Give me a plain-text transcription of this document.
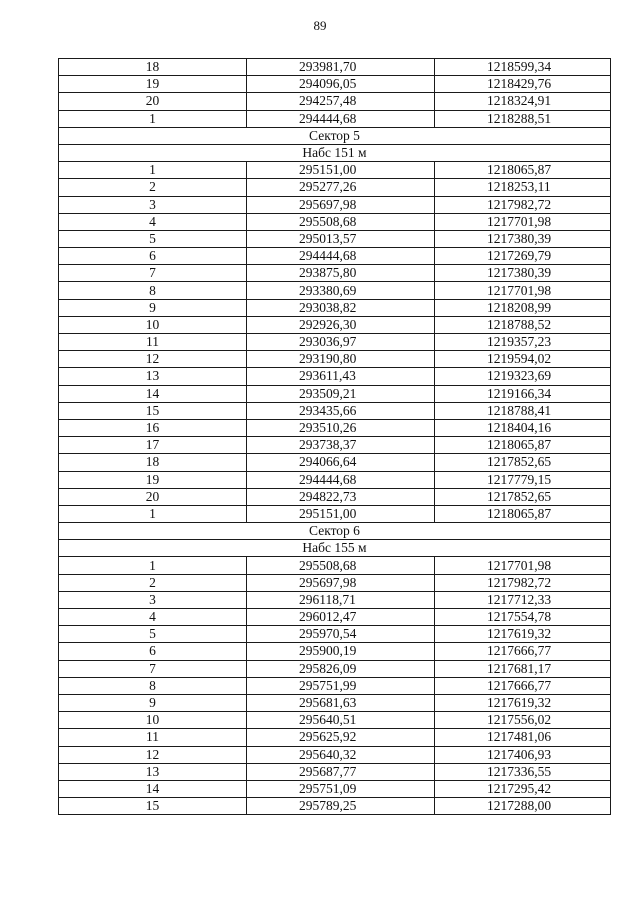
89
18	293981,70	1218599,34
19	294096,05	1218429,76
20	294257,48	1218324,91
1	294444,68	1218288,51
Сектор 5		
Набс 151 м		
1	295151,00	1218065,87
2	295277,26	1218253,11
3	295697,98	1217982,72
4	295508,68	1217701,98
5	295013,57	1217380,39
6	294444,68	1217269,79
7	293875,80	1217380,39
8	293380,69	1217701,98
9	293038,82	1218208,99
10	292926,30	1218788,52
11	293036,97	1219357,23
12	293190,80	1219594,02
13	293611,43	1219323,69
14	293509,21	1219166,34
15	293435,66	1218788,41
16	293510,26	1218404,16
17	293738,37	1218065,87
18	294066,64	1217852,65
19	294444,68	1217779,15
20	294822,73	1217852,65
1	295151,00	1218065,87
Сектор 6		
Набс 155 м		
1	295508,68	1217701,98
2	295697,98	1217982,72
3	296118,71	1217712,33
4	296012,47	1217554,78
5	295970,54	1217619,32
6	295900,19	1217666,77
7	295826,09	1217681,17
8	295751,99	1217666,77
9	295681,63	1217619,32
10	295640,51	1217556,02
11	295625,92	1217481,06
12	295640,32	1217406,93
13	295687,77	1217336,55
14	295751,09	1217295,42
15	295789,25	1217288,00
